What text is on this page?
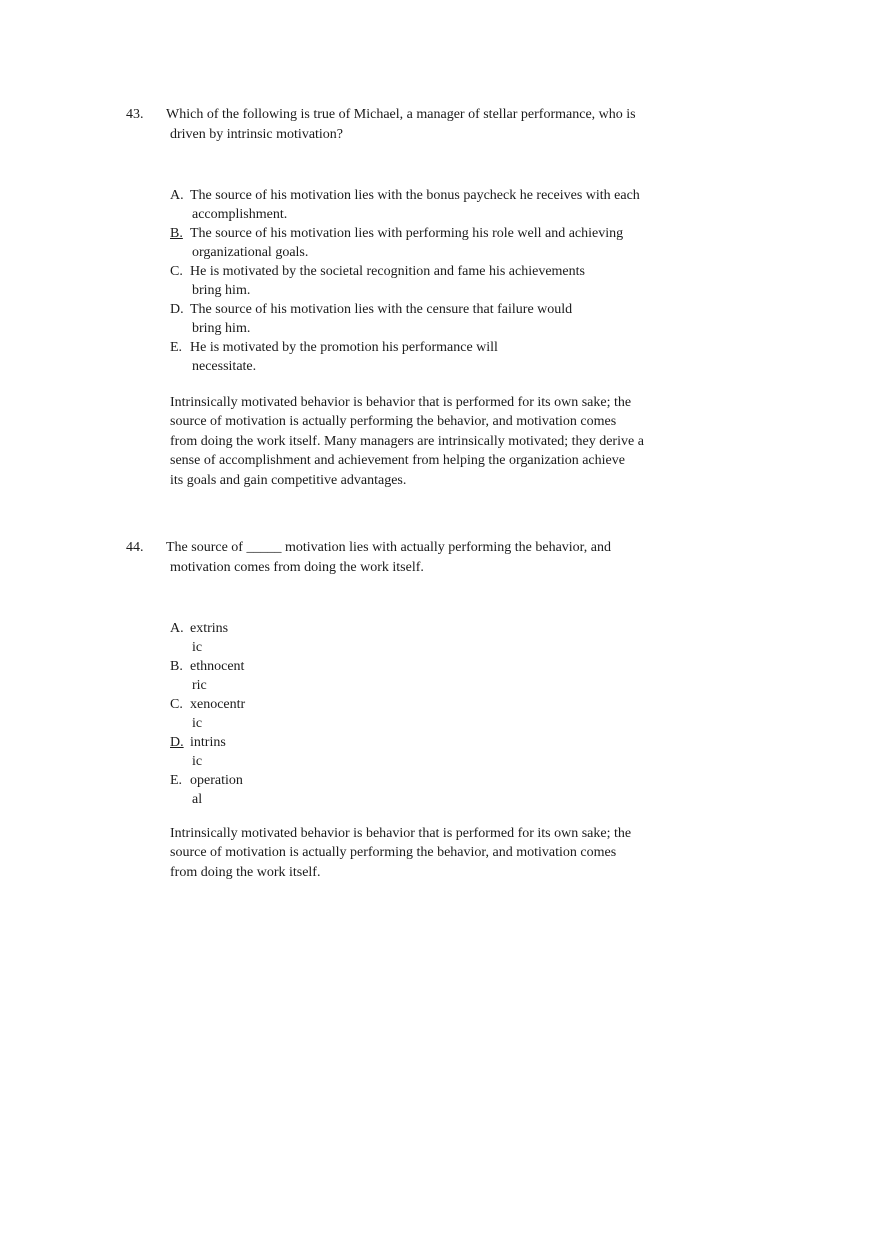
43. Which of the following is true of Michael, a manager of stellar performance, who is
driven by intrinsic motivation?
A. The source of his motivation lies with the bonus paycheck he receives with each
accomplishment.
B. The source of his motivation lies with performing his role well and achieving
organizational goals.
C. He is motivated by the societal recognition and fame his achievements
bring him.
D. The source of his motivation lies with the censure that failure would
bring him.
E. He is motivated by the promotion his performance will
necessitate.
Intrinsically motivated behavior is behavior that is performed for its own sake; the
source of motivation is actually performing the behavior, and motivation comes
from doing the work itself. Many managers are intrinsically motivated; they derive a
sense of accomplishment and achievement from helping the organization achieve
its goals and gain competitive advantages.
44. The source of _____ motivation lies with actually performing the behavior, and
motivation comes from doing the work itself.
A. extrins
ic
B. ethnocent
ric
C. xenocentr
ic
D. intrins
ic
E. operation
al
Intrinsically motivated behavior is behavior that is performed for its own sake; the
source of motivation is actually performing the behavior, and motivation comes
from doing the work itself.
